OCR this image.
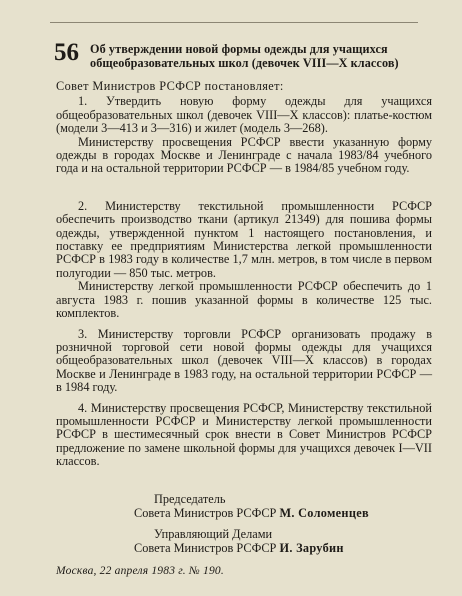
56 Об утверждении новой формы одежды для учащихся общеобразовательных школ (девочек VIII—X классов)

Совет Министров РСФСР постановляет:

1. Утвердить новую форму одежды для учащихся общеобразовательных школ (девочек VIII—X классов): платье-костюм (модели 3—413 и 3—316) и жилет (модель 3—268).

Министерству просвещения РСФСР ввести указанную форму одежды в городах Москве и Ленинграде с начала 1983/84 учебного года и на остальной территории РСФСР — в 1984/85 учебном году.

2. Министерству текстильной промышленности РСФСР обеспечить производство ткани (артикул 21349) для пошива формы одежды, утвержденной пунктом 1 настоящего постановления, и поставку ее предприятиям Министерства легкой промышленности РСФСР в 1983 году в количестве 1,7 млн. метров, в том числе в первом полугодии — 850 тыс. метров.

Министерству легкой промышленности РСФСР обеспечить до 1 августа 1983 г. пошив указанной формы в количестве 125 тыс. комплектов.

3. Министерству торговли РСФСР организовать продажу в розничной торговой сети новой формы одежды для учащихся общеобразовательных школ (девочек VIII—X классов) в городах Москве и Ленинграде в 1983 году, на остальной территории РСФСР — в 1984 году.

4. Министерству просвещения РСФСР, Министерству текстильной промышленности РСФСР и Министерству легкой промышленности РСФСР в шестимесячный срок внести в Совет Министров РСФСР предложение по замене школьной формы для учащихся девочек I—VII классов.

Председатель
Совета Министров РСФСР М. Соломенцев
Управляющий Делами
Совета Министров РСФСР И. Зарубин
Москва, 22 апреля 1983 г. № 190.
